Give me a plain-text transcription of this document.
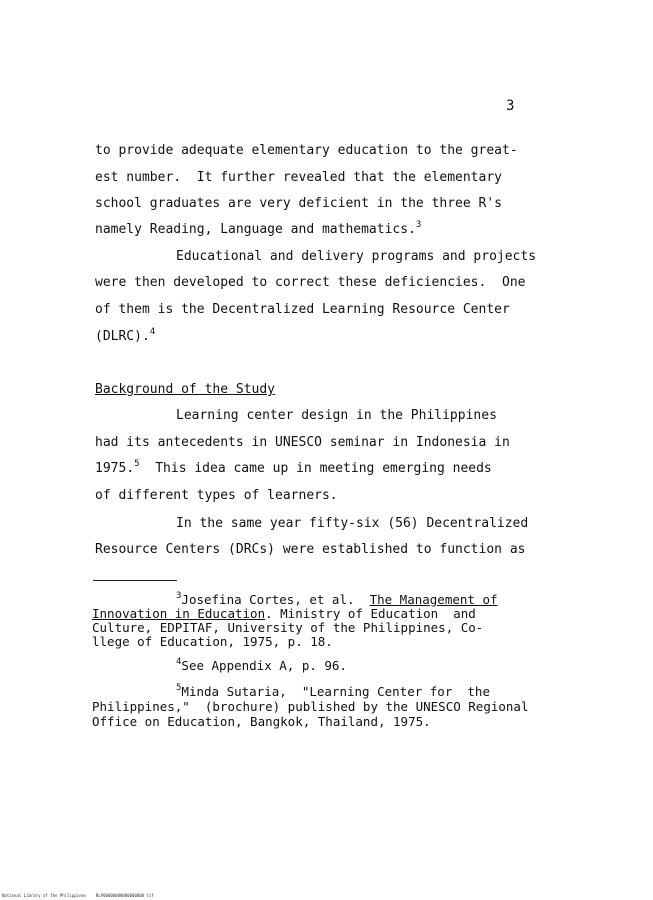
3
to provide adequate elementary education to the great-
est number.  It further revealed that the elementary
school graduates are very deficient in the three R's
namely Reading, Language and mathematics.$^3$
Educational and delivery programs and projects
were then developed to correct these deficiencies.  One
of them is the Decentralized Learning Resource Center
(DLRC).$^4$
Background of the Study
Learning center design in the Philippines
had its antecedents in UNESCO seminar in Indonesia in
1975.$^5$  This idea came up in meeting emerging needs
of different types of learners.
In the same year fifty-six (56) Decentralized
Resource Centers (DRCs) were established to function as
$^3$Josefina Cortes, et al.  The Management of
Innovation in Education. Ministry of Education  and
Culture, EDPITAF, University of the Philippines, Co-
llege of Education, 1975, p. 18.
$^4$See Appendix A, p. 96.
$^5$Minda Sutaria,  "Learning Center for  the
Philippines,"  (brochure) published by the UNESCO Regional
Office on Education, Bangkok, Thailand, 1975.
National Library of the Philippines    NLP00000000000000000 tif
